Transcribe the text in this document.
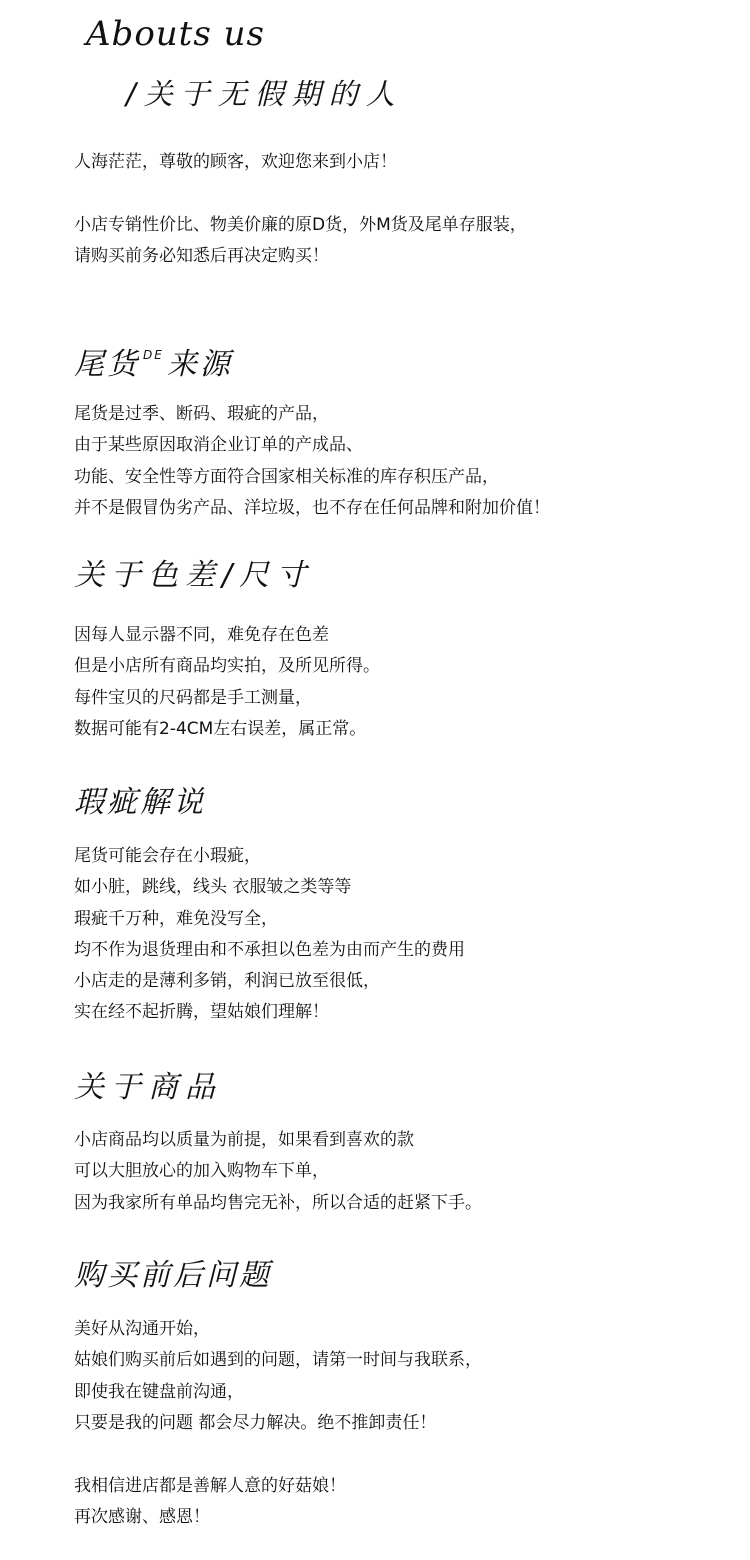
Abouts us
/关于无假期的人
人海茫茫，尊敬的顾客，欢迎您来到小店！
小店专销性价比、物美价廉的原D货，外M货及尾单存服装，
请购买前务必知悉后再决定购买！
尾货 $^{DE}$ 来源
尾货是过季、断码、瑕疵的产品，
由于某些原因取消企业订单的产成品、
功能、安全性等方面符合国家相关标准的库存积压产品，
并不是假冒伪劣产品、洋垃圾，也不存在任何品牌和附加价值！
关于色差/尺寸
因每人显示器不同，难免存在色差
但是小店所有商品均实拍，及所见所得。
每件宝贝的尺码都是手工测量，
数据可能有2-4CM左右误差，属正常。
瑕疵解说
尾货可能会存在小瑕疵，
如小脏，跳线，线头 衣服皱之类等等
瑕疵千万种，难免没写全，
均不作为退货理由和不承担以色差为由而产生的费用
小店走的是薄利多销，利润已放至很低，
实在经不起折腾，望姑娘们理解！
关于商品
小店商品均以质量为前提，如果看到喜欢的款
可以大胆放心的加入购物车下单，
因为我家所有单品均售完无补，所以合适的赶紧下手。
购买前后问题
美好从沟通开始，
姑娘们购买前后如遇到的问题，请第一时间与我联系，
即使我在键盘前沟通，
只要是我的问题 都会尽力解决。绝不推卸责任！
我相信进店都是善解人意的好菇娘！
再次感谢、感恩！
